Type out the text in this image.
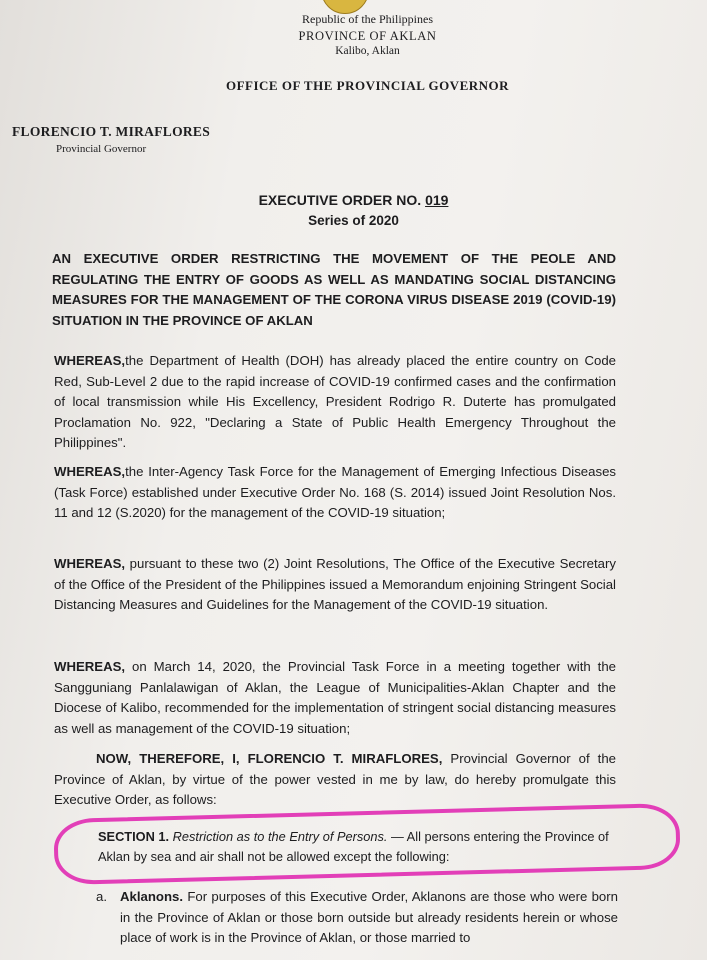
Republic of the Philippines
PROVINCE OF AKLAN
Kalibo, Aklan
OFFICE OF THE PROVINCIAL GOVERNOR
FLORENCIO T. MIRAFLORES
Provincial Governor
EXECUTIVE ORDER NO. 019
Series of 2020
AN EXECUTIVE ORDER RESTRICTING THE MOVEMENT OF THE PEOLE AND REGULATING THE ENTRY OF GOODS AS WELL AS MANDATING SOCIAL DISTANCING MEASURES FOR THE MANAGEMENT OF THE CORONA VIRUS DISEASE 2019 (COVID-19) SITUATION IN THE PROVINCE OF AKLAN
WHEREAS,the Department of Health (DOH) has already placed the entire country on Code Red, Sub-Level 2 due to the rapid increase of COVID-19 confirmed cases and the confirmation of local transmission while His Excellency, President Rodrigo R. Duterte has promulgated Proclamation No. 922, "Declaring a State of Public Health Emergency Throughout the Philippines".
WHEREAS,the Inter-Agency Task Force for the Management of Emerging Infectious Diseases (Task Force) established under Executive Order No. 168 (S. 2014) issued Joint Resolution Nos. 11 and 12 (S.2020) for the management of the COVID-19 situation;
WHEREAS, pursuant to these two (2) Joint Resolutions, The Office of the Executive Secretary of the Office of the President of the Philippines issued a Memorandum enjoining Stringent Social Distancing Measures and Guidelines for the Management of the COVID-19 situation.
WHEREAS, on March 14, 2020, the Provincial Task Force in a meeting together with the Sangguniang Panlalawigan of Aklan, the League of Municipalities-Aklan Chapter and the Diocese of Kalibo, recommended for the implementation of stringent social distancing measures as well as management of the COVID-19 situation;
NOW, THEREFORE, I, FLORENCIO T. MIRAFLORES, Provincial Governor of the Province of Aklan, by virtue of the power vested in me by law, do hereby promulgate this Executive Order, as follows:
SECTION 1. Restriction as to the Entry of Persons. — All persons entering the Province of Aklan by sea and air shall not be allowed except the following:
a. Aklanons. For purposes of this Executive Order, Aklanons are those who were born in the Province of Aklan or those born outside but already residents herein or whose place of work is in the Province of Aklan, or those married to
